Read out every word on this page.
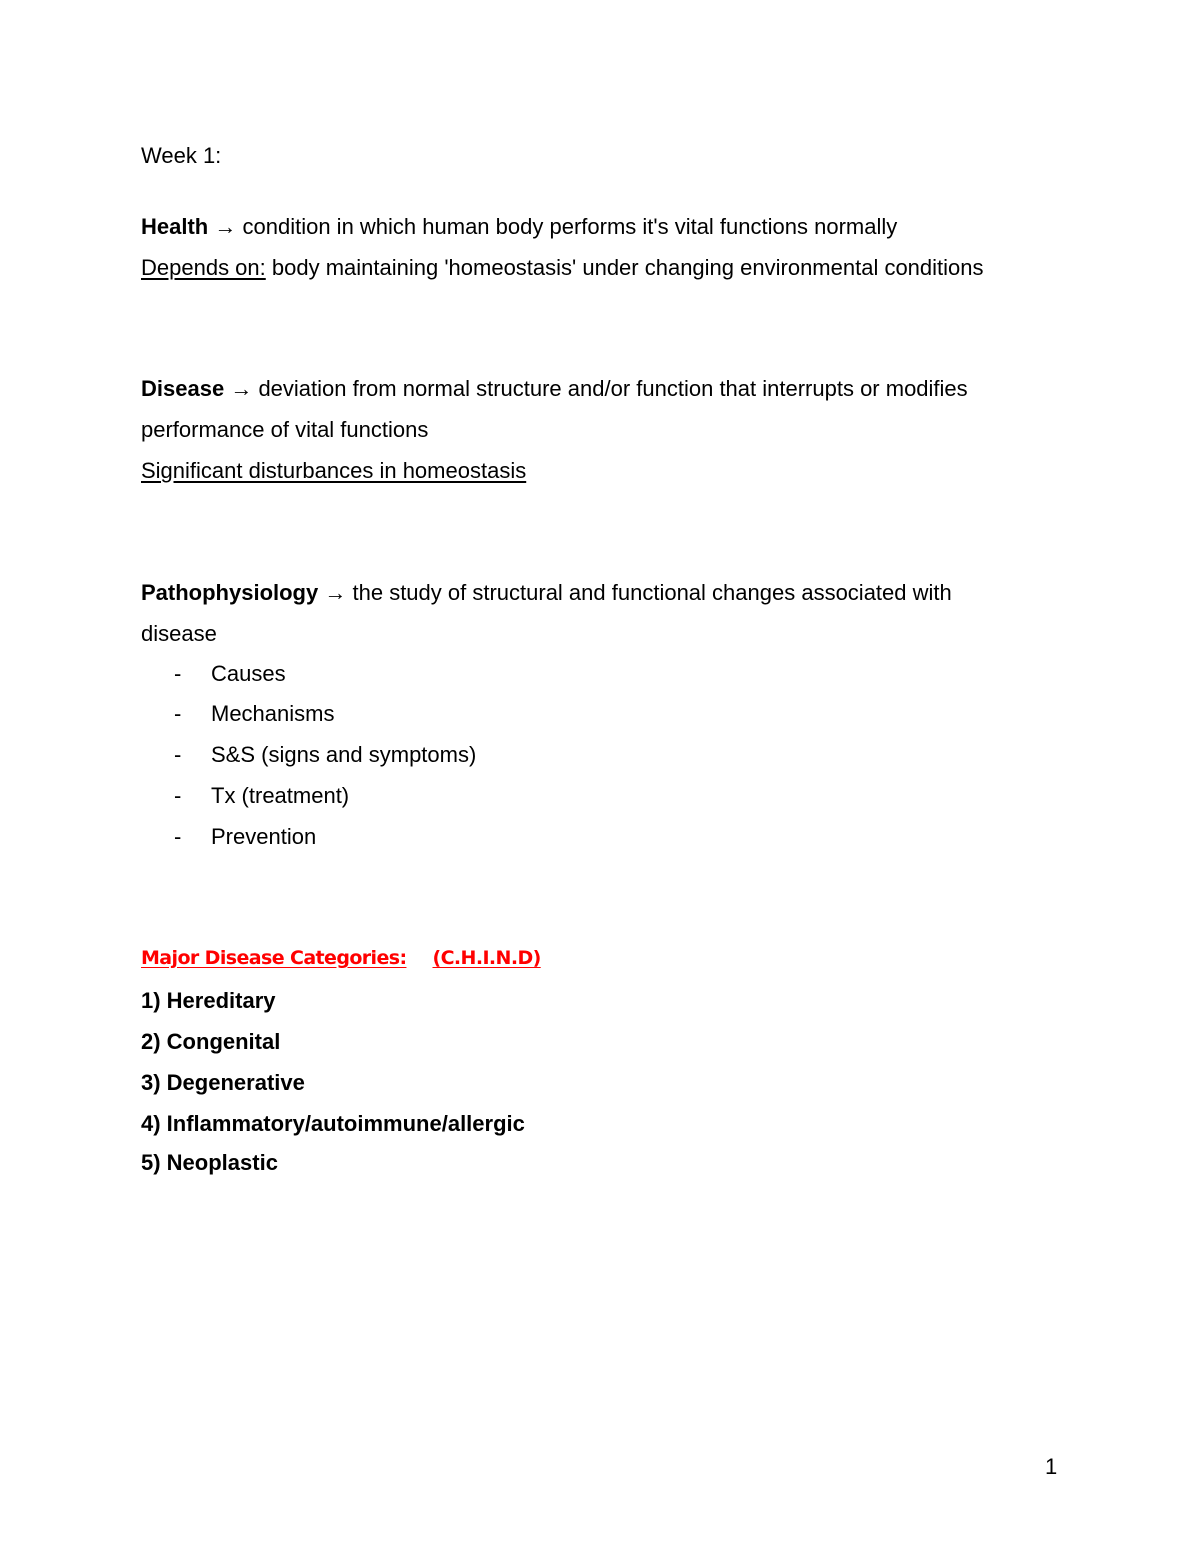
Week 1:
Health → condition in which human body performs it's vital functions normally
Depends on: body maintaining 'homeostasis' under changing environmental conditions
Disease → deviation from normal structure and/or function that interrupts or modifies
performance of vital functions
Significant disturbances in homeostasis
Pathophysiology → the study of structural and functional changes associated with
disease
- Causes
- Mechanisms
- S&S (signs and symptoms)
- Tx (treatment)
- Prevention
Major Disease Categories: (C.H.I.N.D)
1) Hereditary
2) Congenital
3) Degenerative
4) Inflammatory/autoimmune/allergic
5) Neoplastic
1
